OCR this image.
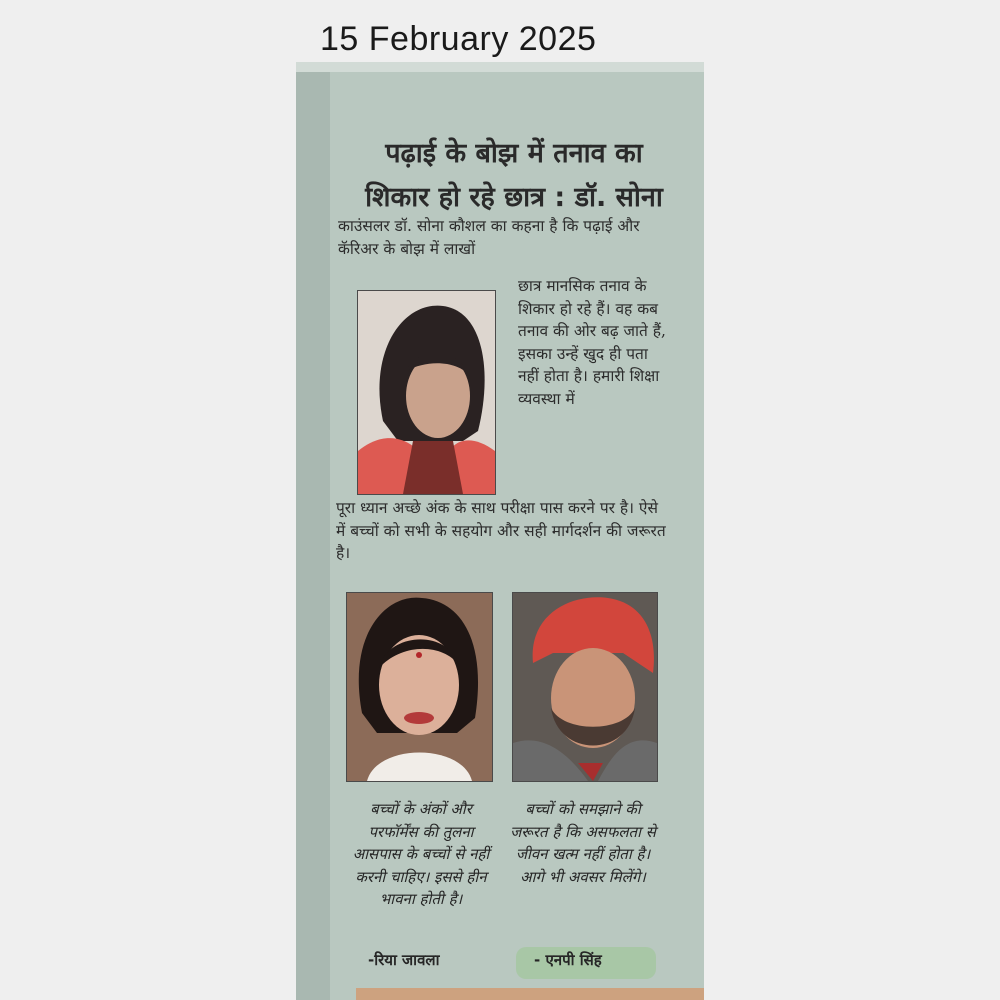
15 February 2025
पढ़ाई के बोझ में तनाव का
शिकार हो रहे छात्र : डॉ. सोना
काउंसलर डॉ. सोना कौशल का कहना है कि पढ़ाई और कॅरिअर के बोझ में लाखों
छात्र मानसिक तनाव के शिकार हो रहे हैं। वह कब तनाव की ओर बढ़ जाते हैं, इसका उन्हें खुद ही पता नहीं होता है। हमारी शिक्षा व्यवस्था में
पूरा ध्यान अच्छे अंक के साथ परीक्षा पास करने पर है। ऐसे में बच्चों को सभी के सहयोग और सही मार्गदर्शन की जरूरत है।
बच्चों के अंकों और परफॉर्मेंस की तुलना आसपास के बच्चों से नहीं करनी चाहिए। इससे हीन भावना होती है।
बच्चों को समझाने की जरूरत है कि असफलता से जीवन खत्म नहीं होता है। आगे भी अवसर मिलेंगे।
-रिया जावला	- एनपी सिंह
